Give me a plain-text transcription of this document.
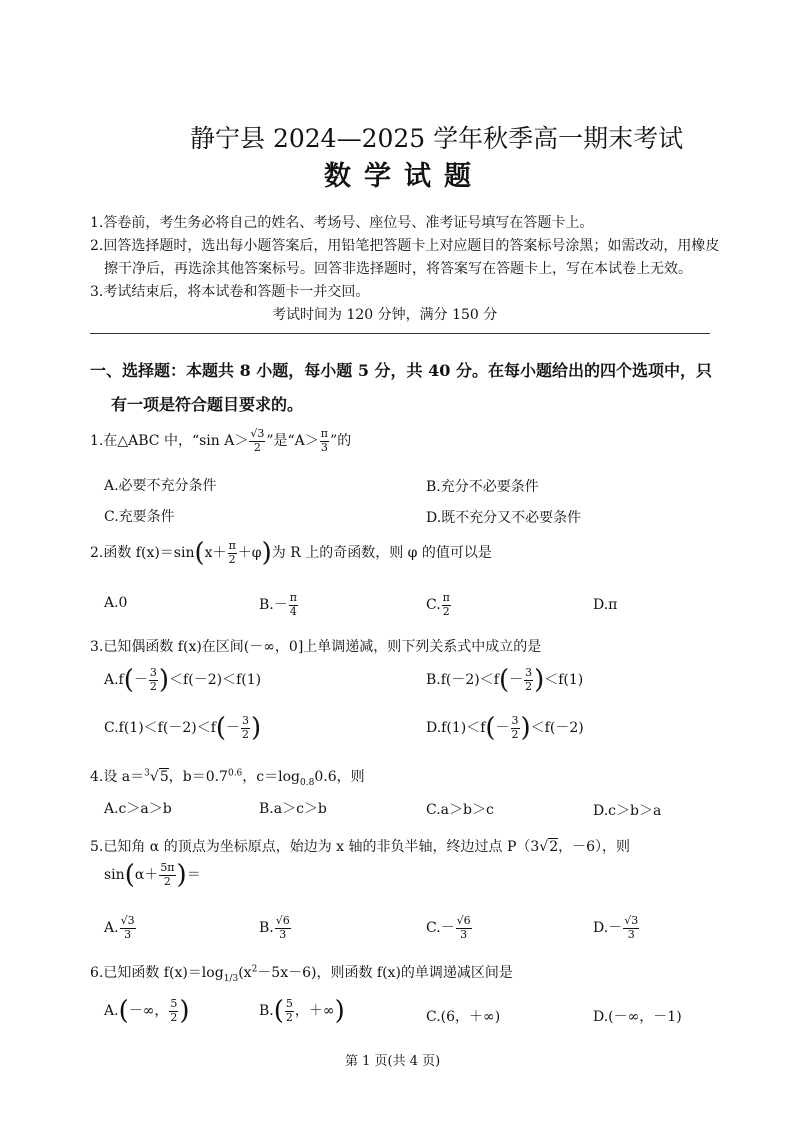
静宁县 2024—2025 学年秋季高一期末考试
数学试题
1.答卷前，考生务必将自己的姓名、考场号、座位号、准考证号填写在答题卡上。
2.回答选择题时，选出每小题答案后，用铅笔把答题卡上对应题目的答案标号涂黑；如需改动，用橡皮
擦干净后，再选涂其他答案标号。回答非选择题时，将答案写在答题卡上，写在本试卷上无效。
3.考试结束后，将本试卷和答题卡一并交回。
考试时间为 120 分钟，满分 150 分
一、选择题：本题共 8 小题，每小题 5 分，共 40 分。在每小题给出的四个选项中，只
有一项是符合题目要求的。
1.在△ABC 中，“sin $A> \frac{√3}{2}$ ”是“$A> \frac{\pi}{3}$ ”的
A.必要不充分条件	B.充分不必要条件
C.充要条件	D.既不充分又不必要条件
2.函数 $f(x)=\sin(x+ \frac{\pi}{2} +\varphi)$为 R 上的奇函数，则 φ 的值可以是
A.0	$B.- \frac{\pi}{4}$	C. $\frac{\pi}{2}$	D.π
3.已知偶函数 f(x)在区间(－∞，0]上单调递减，则下列关系式中成立的是
$A.f(- \frac{3}{2} )<f(-2)<f(1)$	$B.f(-2)<f(- \frac{3}{2} )<f(1)$
$C.f(1)<f(-2)<f(- \frac{3}{2}$ )	$D.f(1)<f(- \frac{3}{2} )<f(-2)$
4.设 a＝$^3$√5，$b=0.7^{0.6}$，$c=\log_{0.8}0.6$，则
A.c＞a＞b	B.a＞c＞b	C.a＞b＞c	D.c＞b＞a
5.已知角 α 的顶点为坐标原点，始边为 x 轴的非负半轴，终边过点 P（3√2，－6），则
$\sin(\alpha+ \frac{5\pi}{2}$ )＝
A. $\frac{√3}{3}$	B. $\frac{√6}{3}$	$C.- \frac{√6}{3}$	$D.- \frac{√3}{3}$
6.已知函数 $f(x)=\log_{1/3}(x^2-5x-6)$，则函数 f(x)的单调递减区间是
A.(－∞， $\frac{5}{2}$ )	$B.( \frac{5}{2}$ ，＋∞)	C.(6，＋∞)	D.(－∞，－1)
第 1 页(共 4 页)
